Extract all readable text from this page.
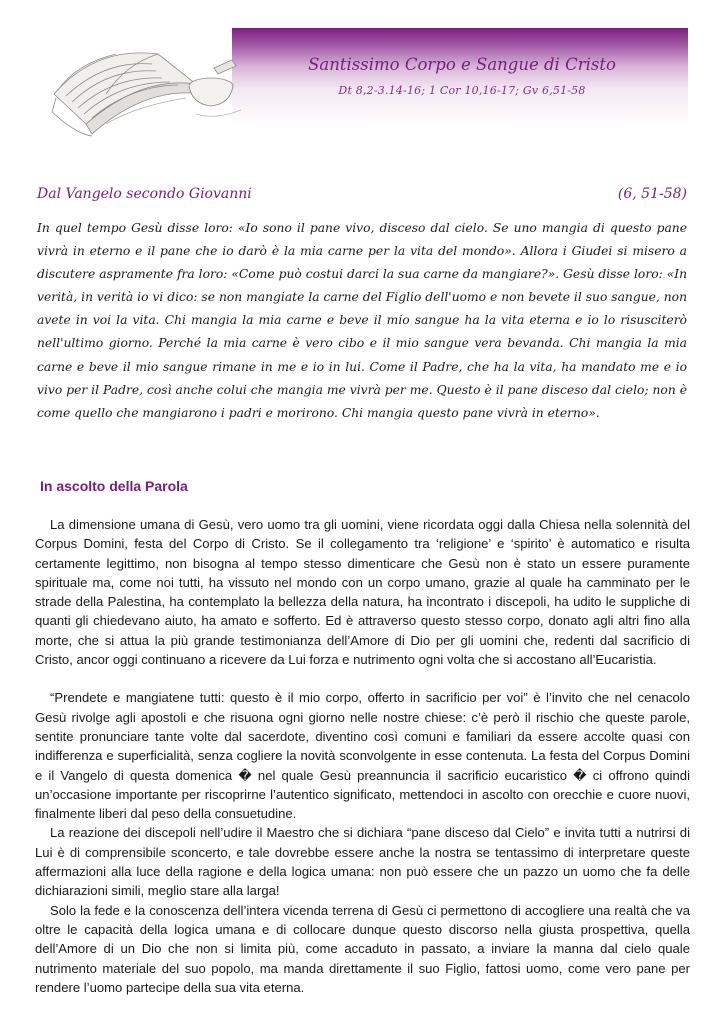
Santissimo Corpo e Sangue di Cristo
Dt 8,2-3.14-16; 1 Cor 10,16-17; Gv 6,51-58
Dal Vangelo secondo Giovanni	(6, 51-58)

In quel tempo Gesù disse loro: «Io sono il pane vivo, disceso dal cielo. Se uno mangia di questo pane vivrà in eterno e il pane che io darò è la mia carne per la vita del mondo». Allora i Giudei si misero a discutere aspramente fra loro: «Come può costui darci la sua carne da mangiare?». Gesù disse loro: «In verità, in verità io vi dico: se non mangiate la carne del Figlio dell'uomo e non bevete il suo sangue, non avete in voi la vita. Chi mangia la mia carne e beve il mio sangue ha la vita eterna e io lo risusciterò nell'ultimo giorno. Perché la mia carne è vero cibo e il mio sangue vera bevanda. Chi mangia la mia carne e beve il mio sangue rimane in me e io in lui. Come il Padre, che ha la vita, ha mandato me e io vivo per il Padre, così anche colui che mangia me vivrà per me. Questo è il pane disceso dal cielo; non è come quello che mangiarono i padri e morirono. Chi mangia questo pane vivrà in eterno».

In ascolto della Parola

La dimensione umana di Gesù, vero uomo tra gli uomini, viene ricordata oggi dalla Chiesa nella solennità del Corpus Domini, festa del Corpo di Cristo. Se il collegamento tra ‘religione’ e ‘spirito’ è automatico e risulta certamente legittimo, non bisogna al tempo stesso dimenticare che Gesù non è stato un essere puramente spirituale ma, come noi tutti, ha vissuto nel mondo con un corpo umano, grazie al quale ha camminato per le strade della Palestina, ha contemplato la bellezza della natura, ha incontrato i discepoli, ha udito le suppliche di quanti gli chiedevano aiuto, ha amato e sofferto. Ed è attraverso questo stesso corpo, donato agli altri fino alla morte, che si attua la più grande testimonianza dell’Amore di Dio per gli uomini che, redenti dal sacrificio di Cristo, ancor oggi continuano a ricevere da Lui forza e nutrimento ogni volta che si accostano all’Eucaristia.

“Prendete e mangiatene tutti: questo è il mio corpo, offerto in sacrificio per voi” è l’invito che nel cenacolo Gesù rivolge agli apostoli e che risuona ogni giorno nelle nostre chiese: c’è però il rischio che queste parole, sentite pronunciare tante volte dal sacerdote, diventino così comuni e familiari da essere accolte quasi con indifferenza e superficialità, senza cogliere la novità sconvolgente in esse contenuta. La festa del Corpus Domini e il Vangelo di questa domenica � nel quale Gesù preannuncia il sacrificio eucaristico � ci offrono quindi un’occasione importante per riscoprirne l’autentico significato, mettendoci in ascolto con orecchie e cuore nuovi, finalmente liberi dal peso della consuetudine.

La reazione dei discepoli nell’udire il Maestro che si dichiara “pane disceso dal Cielo” e invita tutti a nutrirsi di Lui è di comprensibile sconcerto, e tale dovrebbe essere anche la nostra se tentassimo di interpretare queste affermazioni alla luce della ragione e della logica umana: non può essere che un pazzo un uomo che fa delle dichiarazioni simili, meglio stare alla larga!

Solo la fede e la conoscenza dell’intera vicenda terrena di Gesù ci permettono di accogliere una realtà che va oltre le capacità della logica umana e di collocare dunque questo discorso nella giusta prospettiva, quella dell’Amore di un Dio che non si limita più, come accaduto in passato, a inviare la manna dal cielo quale nutrimento materiale del suo popolo, ma manda direttamente il suo Figlio, fattosi uomo, come vero pane per rendere l’uomo partecipe della sua vita eterna.
